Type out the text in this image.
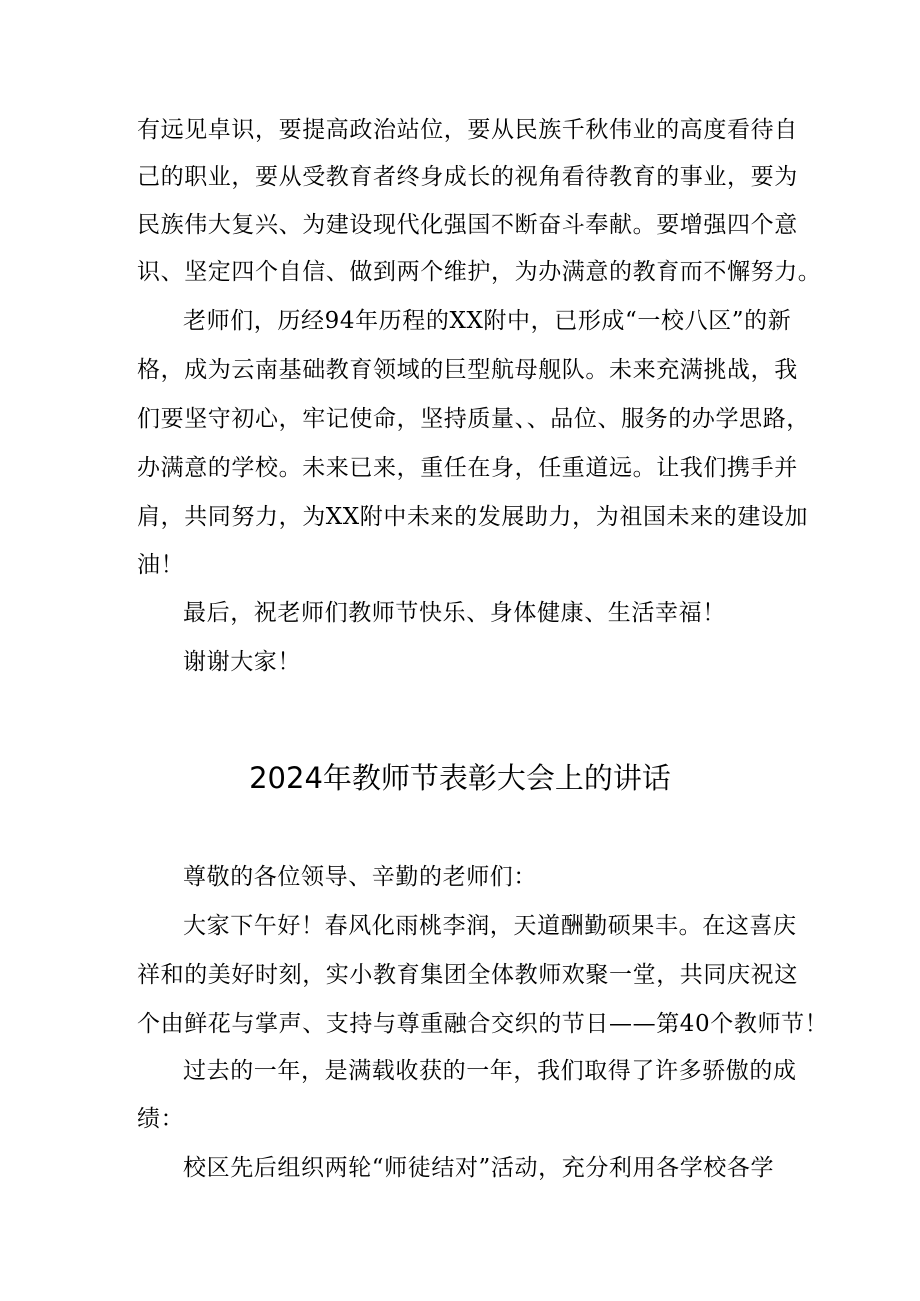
有远见卓识，要提高政治站位，要从民族千秋伟业的高度看待自
己的职业，要从受教育者终身成长的视角看待教育的事业，要为
民族伟大复兴、为建设现代化强国不断奋斗奉献。要增强四个意
识、坚定四个自信、做到两个维护，为办满意的教育而不懈努力。
老师们，历经94年历程的XX附中，已形成“一校八区”的新
格，成为云南基础教育领域的巨型航母舰队。未来充满挑战，我
们要坚守初心，牢记使命，坚持质量、、品位、服务的办学思路，
办满意的学校。未来已来，重任在身，任重道远。让我们携手并
肩，共同努力，为XX附中未来的发展助力，为祖国未来的建设加
油！
最后，祝老师们教师节快乐、身体健康、生活幸福！
谢谢大家！
2024年教师节表彰大会上的讲话
尊敬的各位领导、辛勤的老师们：
大家下午好！春风化雨桃李润，天道酬勤硕果丰。在这喜庆
祥和的美好时刻，实小教育集团全体教师欢聚一堂，共同庆祝这
个由鲜花与掌声、支持与尊重融合交织的节日——第40个教师节！
过去的一年，是满载收获的一年，我们取得了许多骄傲的成
绩：
校区先后组织两轮“师徒结对”活动，充分利用各学校各学
